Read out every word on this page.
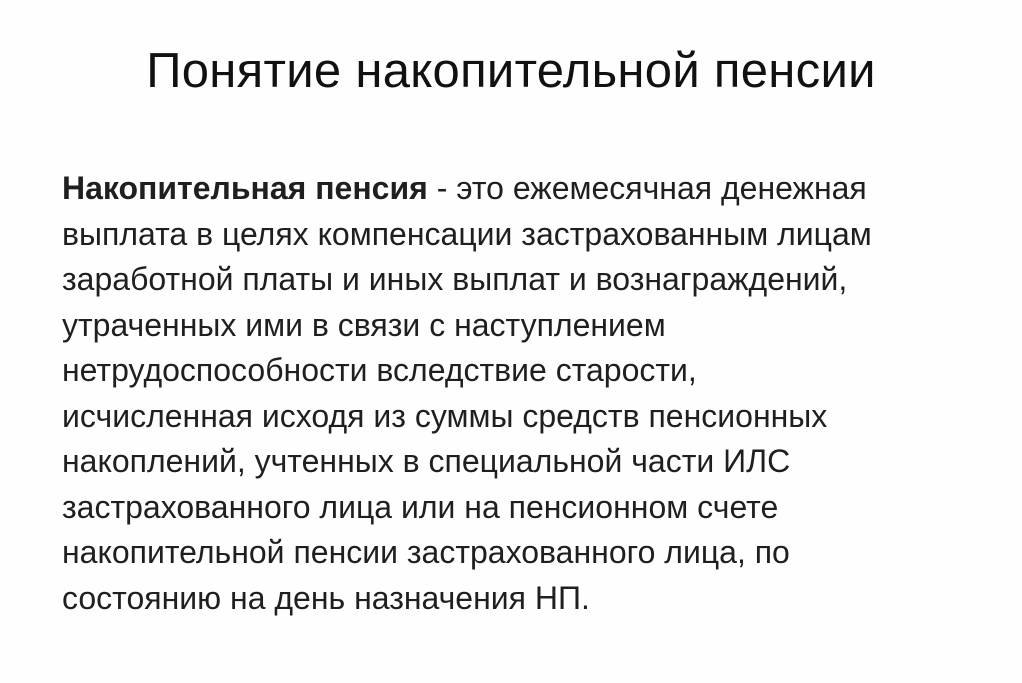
Понятие накопительной пенсии
Накопительная пенсия - это ежемесячная денежная
выплата в целях компенсации застрахованным лицам
заработной платы и иных выплат и вознаграждений,
утраченных ими в связи с наступлением
нетрудоспособности вследствие старости,
исчисленная исходя из суммы средств пенсионных
накоплений, учтенных в специальной части ИЛС
застрахованного лица или на пенсионном счете
накопительной пенсии застрахованного лица, по
состоянию на день назначения НП.
